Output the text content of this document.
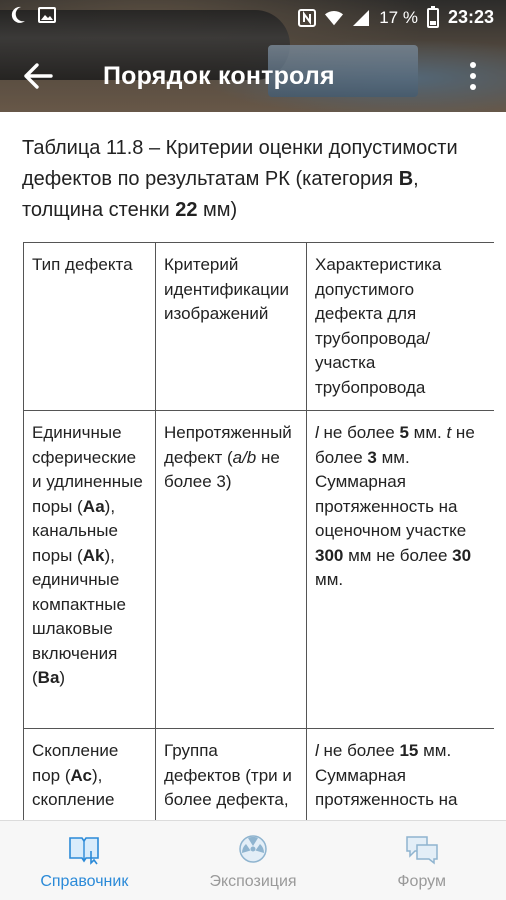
17 % 23:23
Порядок контроля
Таблица 11.8 – Критерии оценки допустимости дефектов по результатам РК (категория В, толщина стенки 22 мм)
Тип дефекта	Критерий идентификации изображений	Характеристика допустимого дефекта для трубопровода/ участка трубопровода
Единичные сферические и удлиненные поры (Аа), канальные поры (Ak), единичные компактные шлаковые включения (Ва)	Непротяженный дефект (a/b не более 3)	l не более 5 мм. t не более 3 мм. Суммарная протяженность на оценочном участке 300 мм не более 30 мм.
Скопление пор (Ас), скопление	Группа дефектов (три и более дефекта,	l не более 15 мм. Суммарная протяженность на
Справочник	Экспозиция	Форум
